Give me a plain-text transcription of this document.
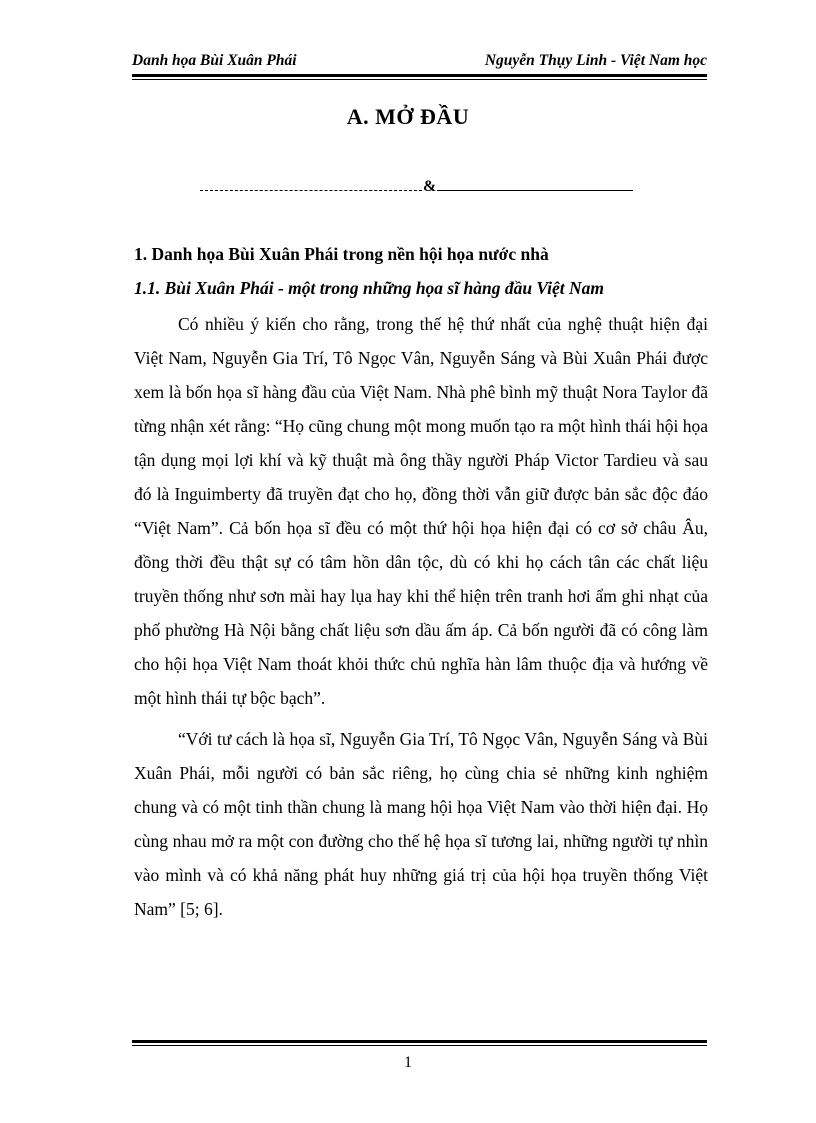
Danh họa Bùi Xuân Phái	Nguyễn Thụy Linh - Việt Nam học
A. MỞ ĐẦU
&
1. Danh họa Bùi Xuân Phái trong nền hội họa nước nhà
1.1. Bùi Xuân Phái - một trong những họa sĩ hàng đầu Việt Nam

Có nhiều ý kiến cho rằng, trong thế hệ thứ nhất của nghệ thuật hiện đại Việt Nam, Nguyễn Gia Trí, Tô Ngọc Vân, Nguyễn Sáng và Bùi Xuân Phái được xem là bốn họa sĩ hàng đầu của Việt Nam. Nhà phê bình mỹ thuật Nora Taylor đã từng nhận xét rằng: “Họ cũng chung một mong muốn tạo ra một hình thái hội họa tận dụng mọi lợi khí và kỹ thuật mà ông thầy người Pháp Victor Tardieu và sau đó là Inguimberty đã truyền đạt cho họ, đồng thời vẫn giữ được bản sắc độc đáo “Việt Nam”. Cả bốn họa sĩ đều có một thứ hội họa hiện đại có cơ sở châu Âu, đồng thời đều thật sự có tâm hồn dân tộc, dù có khi họ cách tân các chất liệu truyền thống như sơn mài hay lụa hay khi thể hiện trên tranh hơi ẩm ghi nhạt của phố phường Hà Nội bằng chất liệu sơn dầu ấm áp. Cả bốn người đã có công làm cho hội họa Việt Nam thoát khỏi thức chủ nghĩa hàn lâm thuộc địa và hướng về một hình thái tự bộc bạch”.

“Với tư cách là họa sĩ, Nguyễn Gia Trí, Tô Ngọc Vân, Nguyễn Sáng và Bùi Xuân Phái, mỗi người có bản sắc riêng, họ cùng chia sẻ những kinh nghiệm chung và có một tinh thần chung là mang hội họa Việt Nam vào thời hiện đại. Họ cùng nhau mở ra một con đường cho thế hệ họa sĩ tương lai, những người tự nhìn vào mình và có khả năng phát huy những giá trị của hội họa truyền thống Việt Nam” [5; 6].

1
